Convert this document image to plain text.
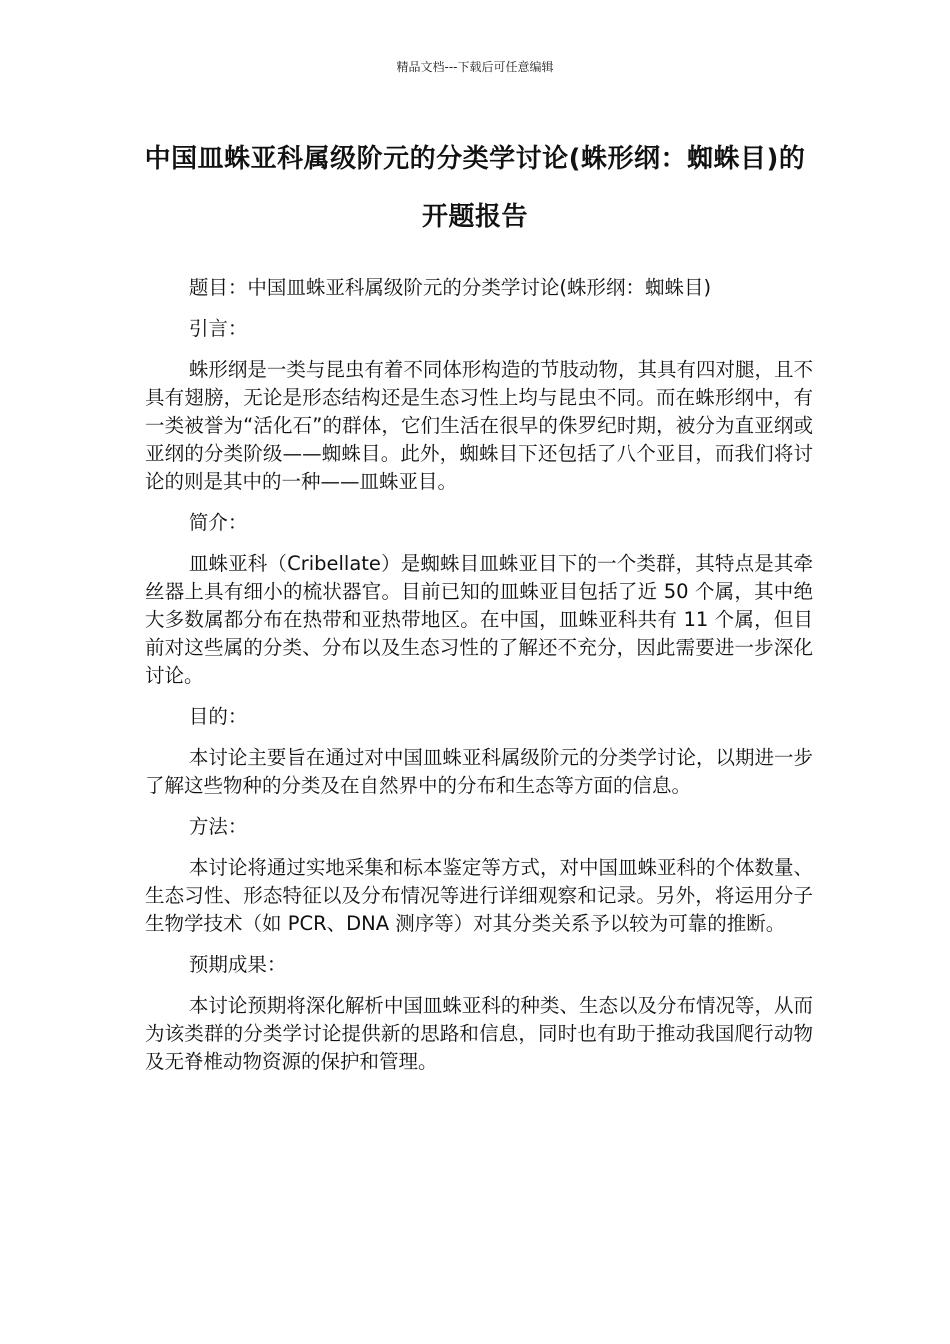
精品文档---下载后可任意编辑
中国皿蛛亚科属级阶元的分类学讨论(蛛形纲：蜘蛛目)的开题报告

题目：中国皿蛛亚科属级阶元的分类学讨论(蛛形纲：蜘蛛目)

引言：

蛛形纲是一类与昆虫有着不同体形构造的节肢动物，其具有四对腿，且不具有翅膀，无论是形态结构还是生态习性上均与昆虫不同。而在蛛形纲中，有一类被誉为“活化石”的群体，它们生活在很早的侏罗纪时期，被分为直亚纲或亚纲的分类阶级——蜘蛛目。此外，蜘蛛目下还包括了八个亚目，而我们将讨论的则是其中的一种——皿蛛亚目。

简介：

皿蛛亚科（Cribellate）是蜘蛛目皿蛛亚目下的一个类群，其特点是其牵丝器上具有细小的梳状器官。目前已知的皿蛛亚目包括了近 50 个属，其中绝大多数属都分布在热带和亚热带地区。在中国，皿蛛亚科共有 11 个属，但目前对这些属的分类、分布以及生态习性的了解还不充分，因此需要进一步深化讨论。

目的：

本讨论主要旨在通过对中国皿蛛亚科属级阶元的分类学讨论，以期进一步了解这些物种的分类及在自然界中的分布和生态等方面的信息。

方法：

本讨论将通过实地采集和标本鉴定等方式，对中国皿蛛亚科的个体数量、生态习性、形态特征以及分布情况等进行详细观察和记录。另外，将运用分子生物学技术（如 PCR、DNA 测序等）对其分类关系予以较为可靠的推断。

预期成果：

本讨论预期将深化解析中国皿蛛亚科的种类、生态以及分布情况等，从而为该类群的分类学讨论提供新的思路和信息，同时也有助于推动我国爬行动物及无脊椎动物资源的保护和管理。
